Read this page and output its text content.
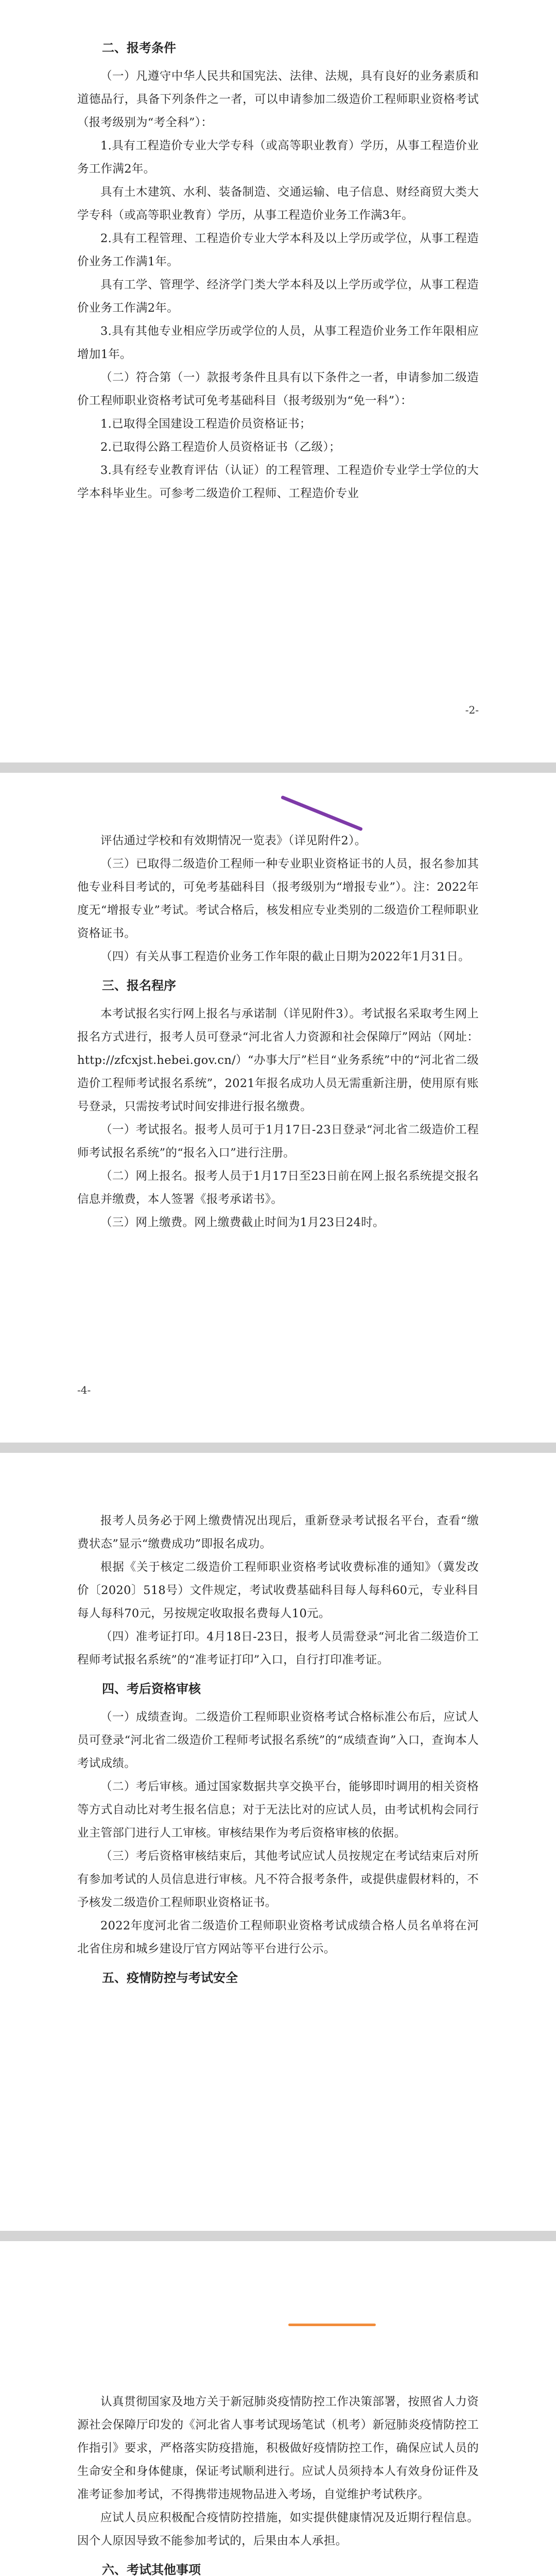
二、报考条件

（一）凡遵守中华人民共和国宪法、法律、法规，具有良好的业务素质和道德品行，具备下列条件之一者，可以申请参加二级造价工程师职业资格考试（报考级别为“考全科”）：

1.具有工程造价专业大学专科（或高等职业教育）学历，从事工程造价业务工作满2年。

具有土木建筑、水利、装备制造、交通运输、电子信息、财经商贸大类大学专科（或高等职业教育）学历，从事工程造价业务工作满3年。

2.具有工程管理、工程造价专业大学本科及以上学历或学位，从事工程造价业务工作满1年。

具有工学、管理学、经济学门类大学本科及以上学历或学位，从事工程造价业务工作满2年。

3.具有其他专业相应学历或学位的人员，从事工程造价业务工作年限相应增加1年。

（二）符合第（一）款报考条件且具有以下条件之一者，申请参加二级造价工程师职业资格考试可免考基础科目（报考级别为“免一科”）：

1.已取得全国建设工程造价员资格证书；

2.已取得公路工程造价人员资格证书（乙级）；

3.具有经专业教育评估（认证）的工程管理、工程造价专业学士学位的大学本科毕业生。可参考二级造价工程师、工程造价专业

-2-

评估通过学校和有效期情况一览表》（详见附件2）。

（三）已取得二级造价工程师一种专业职业资格证书的人员，报名参加其他专业科目考试的，可免考基础科目（报考级别为“增报专业”）。注：2022年度无“增报专业”考试。考试合格后，核发相应专业类别的二级造价工程师职业资格证书。

（四）有关从事工程造价业务工作年限的截止日期为2022年1月31日。

三、报名程序

本考试报名实行网上报名与承诺制（详见附件3）。考试报名采取考生网上报名方式进行，报考人员可登录“河北省人力资源和社会保障厅”网站（网址：http://zfcxjst.hebei.gov.cn/）“办事大厅”栏目“业务系统”中的“河北省二级造价工程师考试报名系统”，2021年报名成功人员无需重新注册，使用原有账号登录，只需按考试时间安排进行报名缴费。

（一）考试报名。报考人员可于1月17日-23日登录“河北省二级造价工程师考试报名系统”的“报名入口”进行注册。

（二）网上报名。报考人员于1月17日至23日前在网上报名系统提交报名信息并缴费，本人签署《报考承诺书》。

（三）网上缴费。网上缴费截止时间为1月23日24时。

-4-

报考人员务必于网上缴费情况出现后，重新登录考试报名平台，查看“缴费状态”显示“缴费成功”即报名成功。

根据《关于核定二级造价工程师职业资格考试收费标准的通知》（冀发改价〔2020〕518号）文件规定，考试收费基础科目每人每科60元，专业科目每人每科70元，另按规定收取报名费每人10元。

（四）准考证打印。4月18日-23日，报考人员需登录“河北省二级造价工程师考试报名系统”的“准考证打印”入口，自行打印准考证。

四、考后资格审核

（一）成绩查询。二级造价工程师职业资格考试合格标准公布后，应试人员可登录“河北省二级造价工程师考试报名系统”的“成绩查询”入口，查询本人考试成绩。

（二）考后审核。通过国家数据共享交换平台，能够即时调用的相关资格等方式自动比对考生报名信息；对于无法比对的应试人员，由考试机构会同行业主管部门进行人工审核。审核结果作为考后资格审核的依据。

（三）考后资格审核结束后，其他考试应试人员按规定在考试结束后对所有参加考试的人员信息进行审核。凡不符合报考条件，或提供虚假材料的，不予核发二级造价工程师职业资格证书。

2022年度河北省二级造价工程师职业资格考试成绩合格人员名单将在河北省住房和城乡建设厅官方网站等平台进行公示。

五、疫情防控与考试安全

认真贯彻国家及地方关于新冠肺炎疫情防控工作决策部署，按照省人力资源社会保障厅印发的《河北省人事考试现场笔试（机考）新冠肺炎疫情防控工作指引》要求，严格落实防疫措施，积极做好疫情防控工作，确保应试人员的生命安全和身体健康，保证考试顺利进行。应试人员须持本人有效身份证件及准考证参加考试，不得携带违规物品进入考场，自觉维护考试秩序。

应试人员应积极配合疫情防控措施，如实提供健康情况及近期行程信息。因个人原因导致不能参加考试的，后果由本人承担。

六、考试其他事项
